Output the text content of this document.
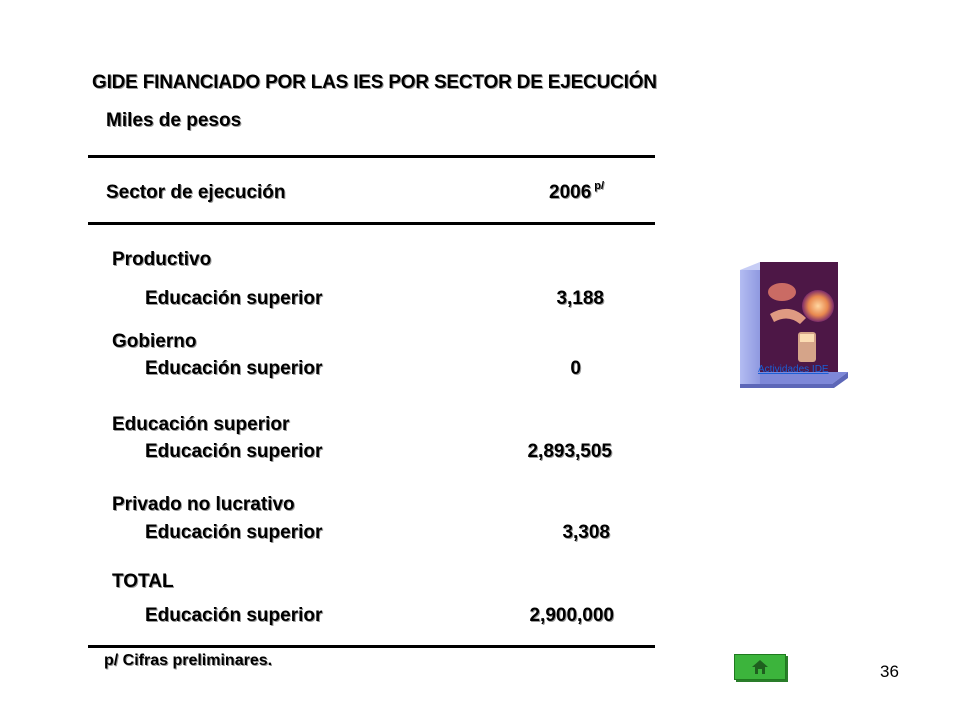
GIDE FINANCIADO POR LAS IES POR SECTOR DE EJECUCIÓN
Miles de pesos
Sector de ejecución	2006 $^{p/}$
Productivo
Educación superior	3,188
Gobierno
Educación superior	0
Educación superior
Educación superior	2,893,505
Privado no lucrativo
Educación superior	3,308
TOTAL
Educación superior	2,900,000
p/ Cifras preliminares.
Actividades IDE
36
